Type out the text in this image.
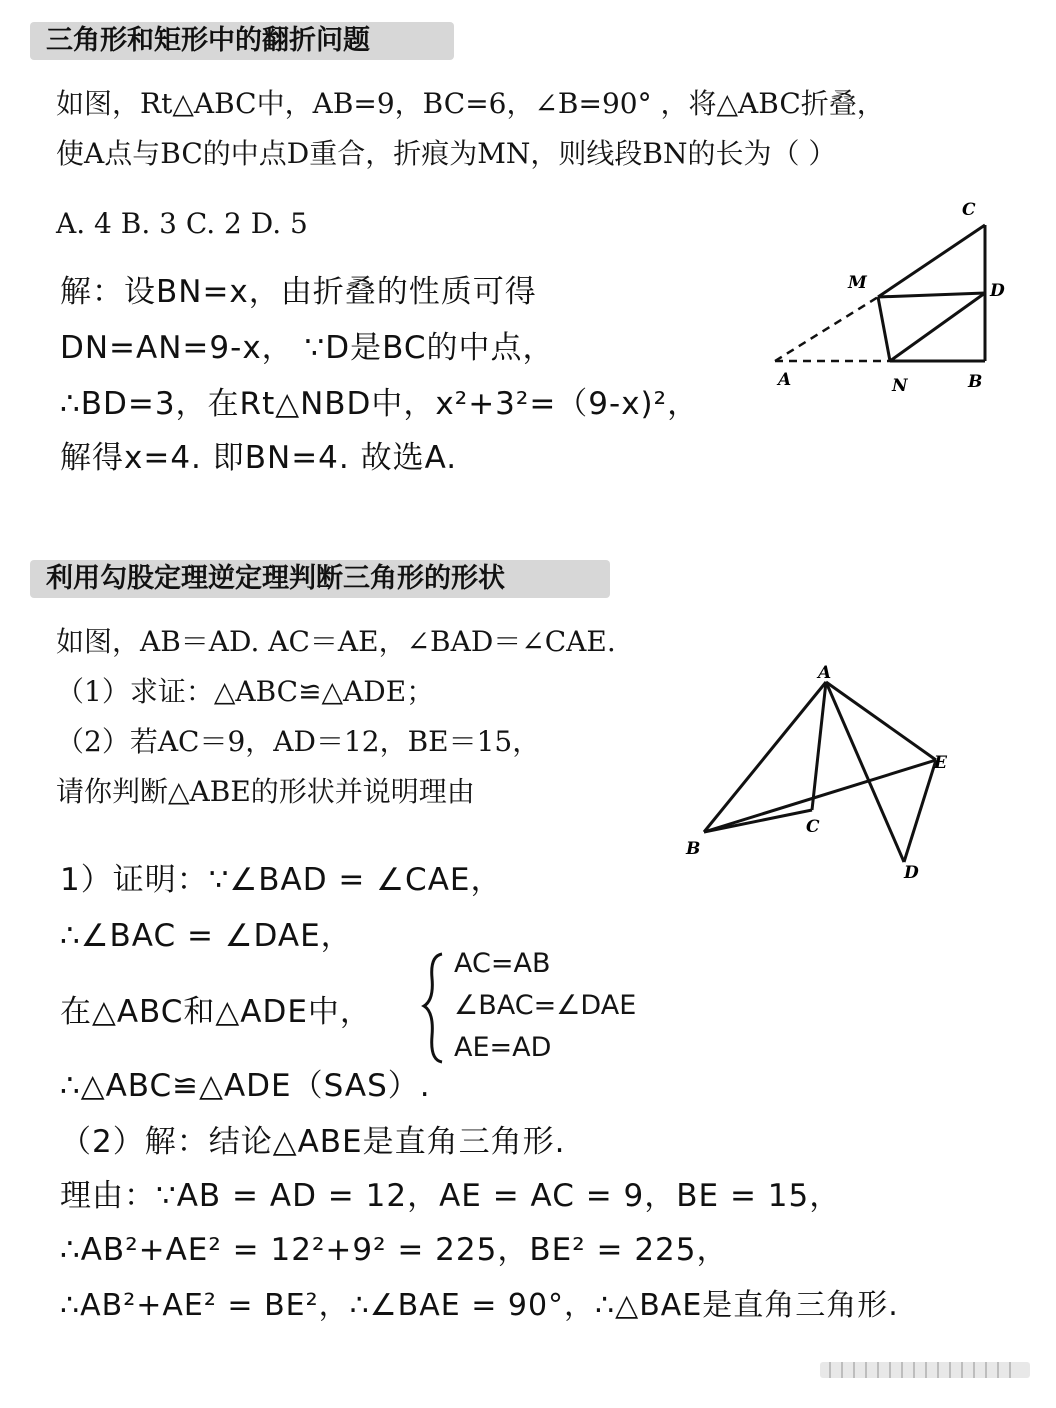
三角形和矩形中的翻折问题
如图，Rt△ABC中，AB=9，BC=6，∠B=90° ，将△ABC折叠，
使A点与BC的中点D重合，折痕为MN，则线段BN的长为（ ）
A. 4 B. 3 C. 2 D. 5
解：设BN=x，由折叠的性质可得
DN=AN=9-x， ∵D是BC的中点，
∴BD=3，在Rt△NBD中，x²+3²=（9-x)²，
解得x=4. 即BN=4. 故选A.
C
M	D
A	N	B
利用勾股定理逆定理判断三角形的形状
如图，AB＝AD. AC＝AE，∠BAD＝∠CAE.
（1）求证：△ABC≌△ADE；
（2）若AC＝9，AD＝12，BE＝15，
请你判断△ABE的形状并说明理由
A
E
C
B
D
1）证明：∵∠BAD = ∠CAE，
∴∠BAC = ∠DAE，
在△ABC和△ADE中，
AC=AB
∠BAC=∠DAE
AE=AD
∴△ABC≌△ADE（SAS）.
（2）解：结论△ABE是直角三角形.
理由：∵AB = AD = 12，AE = AC = 9，BE = 15，
∴AB²+AE² = 12²+9² = 225，BE² = 225，
∴AB²+AE² = BE²，∴∠BAE = 90°，∴△BAE是直角三角形.
